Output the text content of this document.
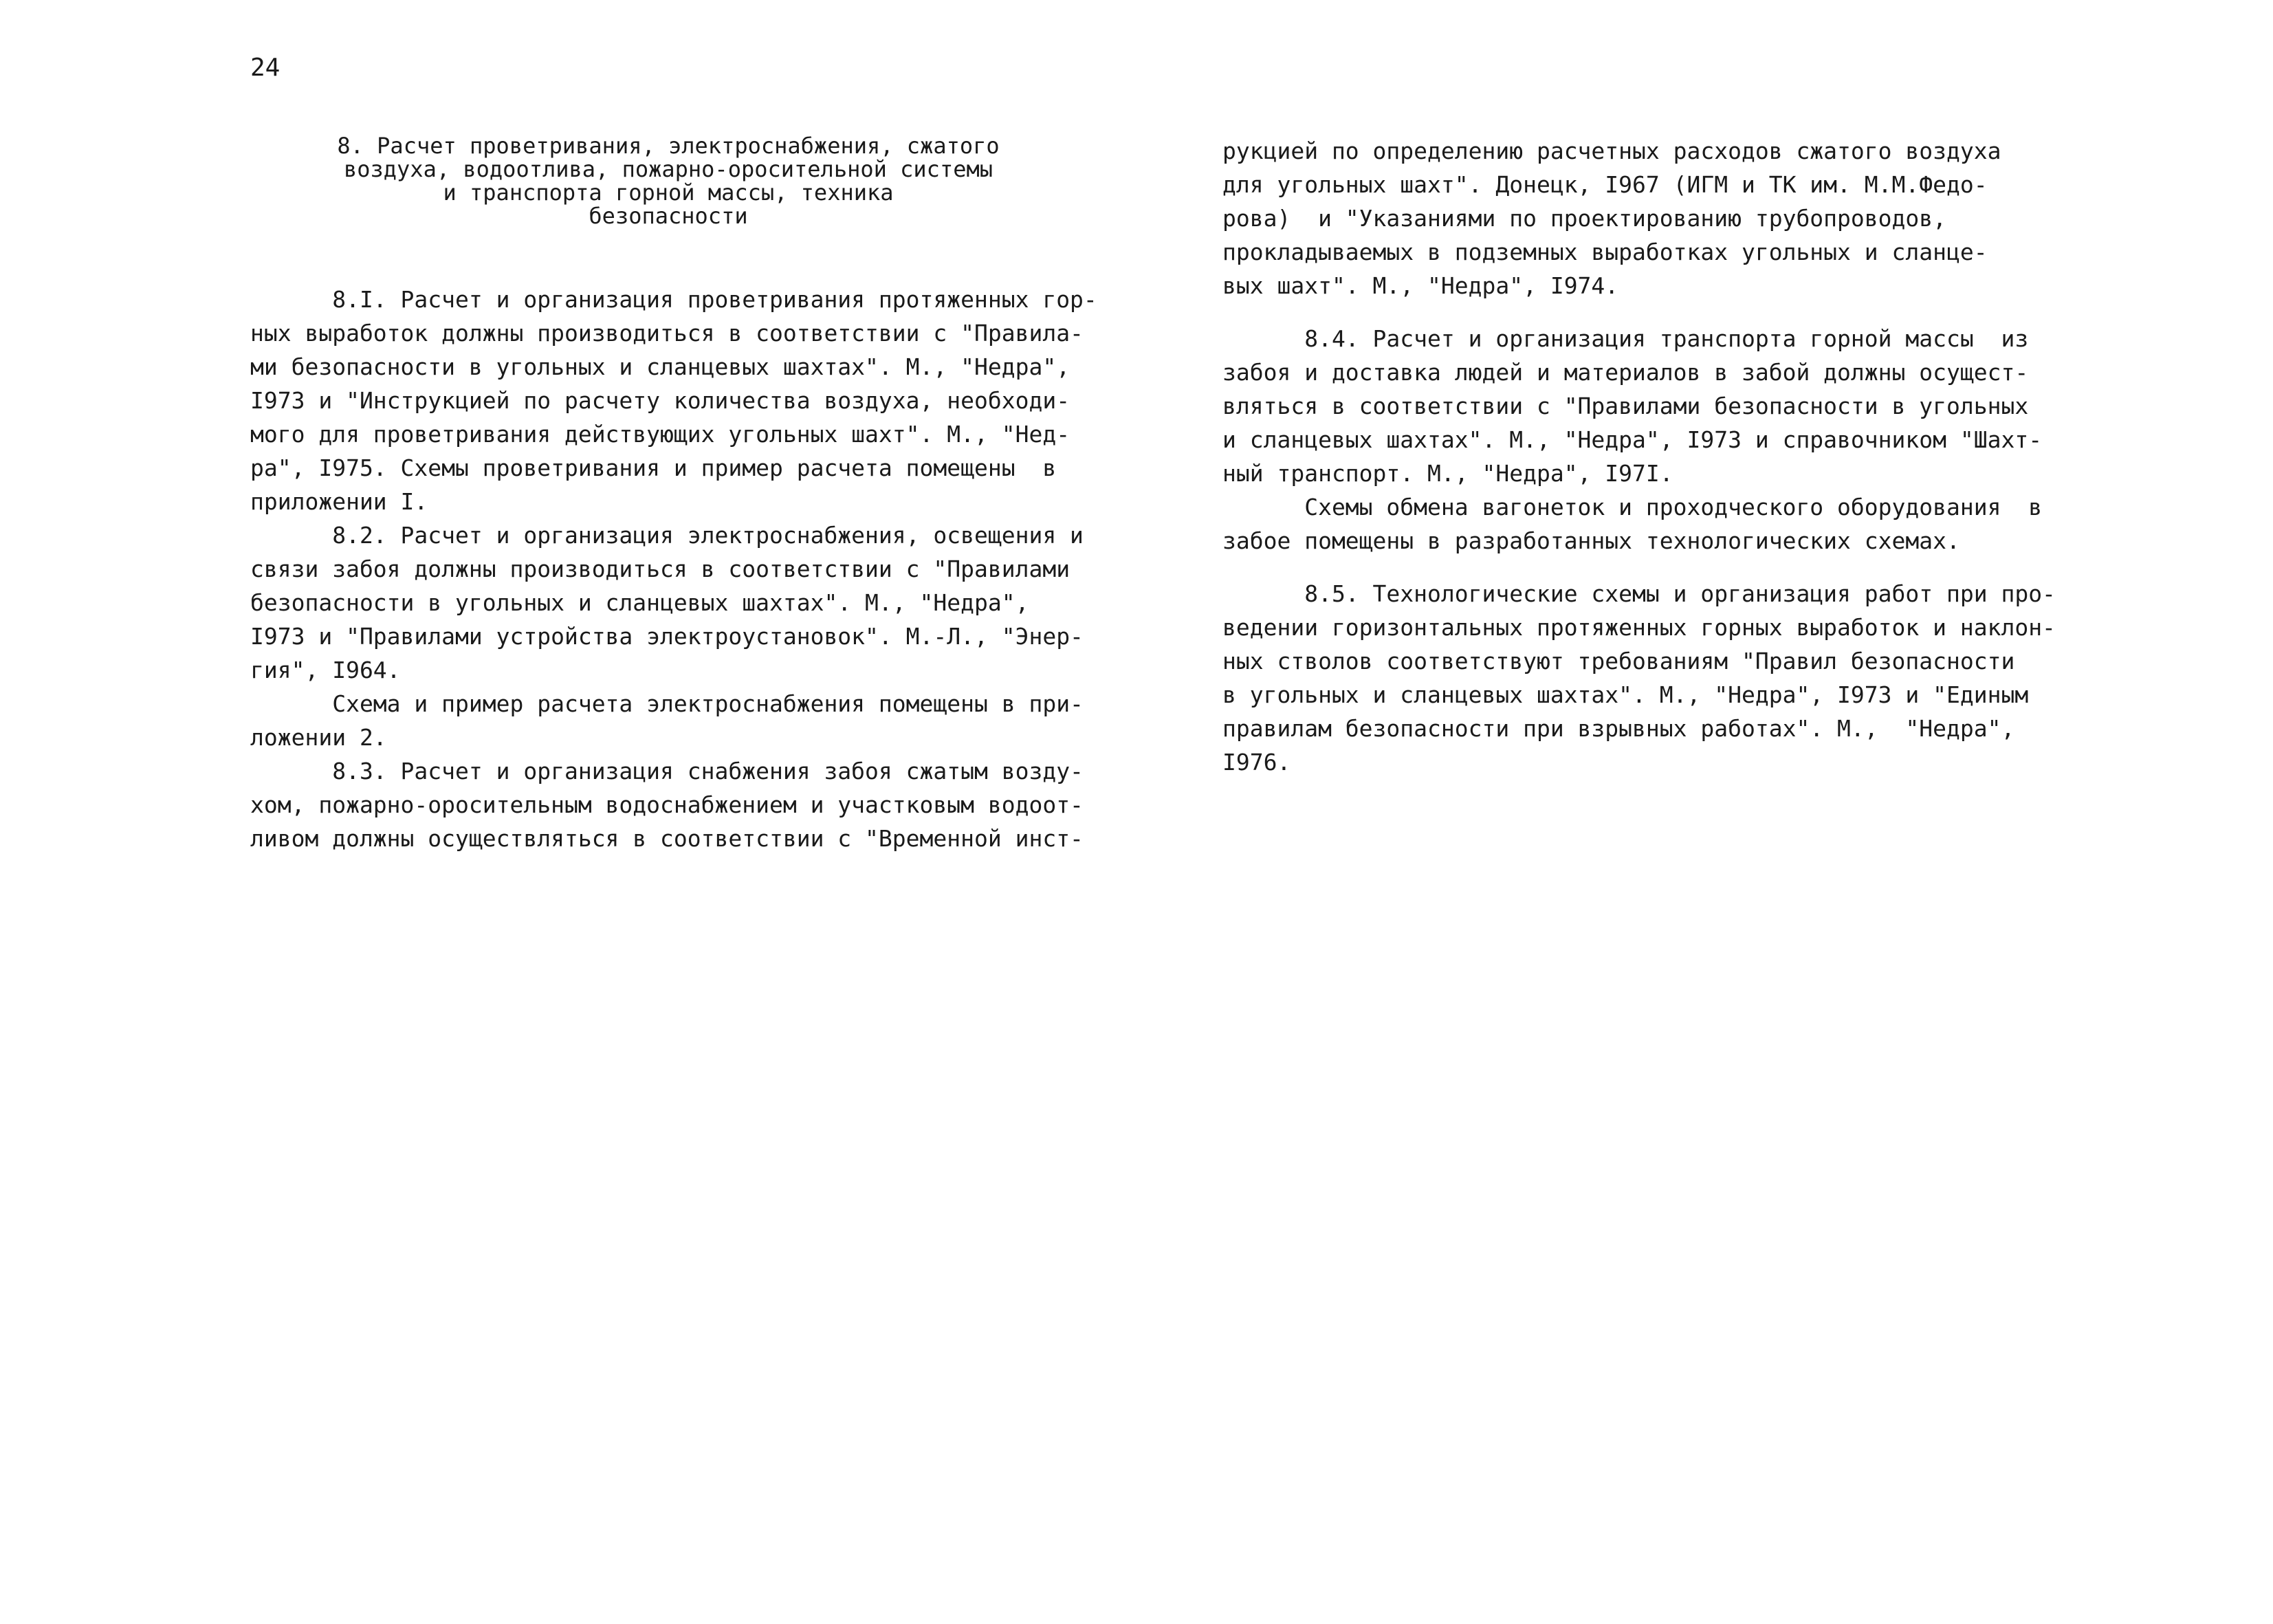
24
8. Расчет проветривания, электроснабжения, сжатого
воздуха, водоотлива, пожарно-оросительной системы
и транспорта горной массы, техника
безопасности
8.I. Расчет и организация проветривания протяженных гор-
ных выработок должны производиться в соответствии с "Правила-
ми безопасности в угольных и сланцевых шахтах". М., "Недра",
I973 и "Инструкцией по расчету количества воздуха, необходи-
мого для проветривания действующих угольных шахт". М., "Нед-
ра", I975. Схемы проветривания и пример расчета помещены  в
приложении I.
8.2. Расчет и организация электроснабжения, освещения и
связи забоя должны производиться в соответствии с "Правилами
безопасности в угольных и сланцевых шахтах". М., "Недра",
I973 и "Правилами устройства электроустановок". М.-Л., "Энер-
гия", I964.
Схема и пример расчета электроснабжения помещены в при-
ложении 2.
8.3. Расчет и организация снабжения забоя сжатым возду-
хом, пожарно-оросительным водоснабжением и участковым водоот-
ливом должны осуществляться в соответствии с "Временной инст-
рукцией по определению расчетных расходов сжатого воздуха
для угольных шахт". Донецк, I967 (ИГМ и ТК им. М.М.Федо-
рова)  и "Указаниями по проектированию трубопроводов,
прокладываемых в подземных выработках угольных и сланце-
вых шахт". М., "Недра", I974.
8.4. Расчет и организация транспорта горной массы  из
забоя и доставка людей и материалов в забой должны осущест-
вляться в соответствии с "Правилами безопасности в угольных
и сланцевых шахтах". М., "Недра", I973 и справочником "Шахт-
ный транспорт. М., "Недра", I97I.
Схемы обмена вагонеток и проходческого оборудования  в
забое помещены в разработанных технологических схемах.
8.5. Технологические схемы и организация работ при про-
ведении горизонтальных протяженных горных выработок и наклон-
ных стволов соответствуют требованиям "Правил безопасности
в угольных и сланцевых шахтах". М., "Недра", I973 и "Единым
правилам безопасности при взрывных работах". М.,  "Недра",
I976.
